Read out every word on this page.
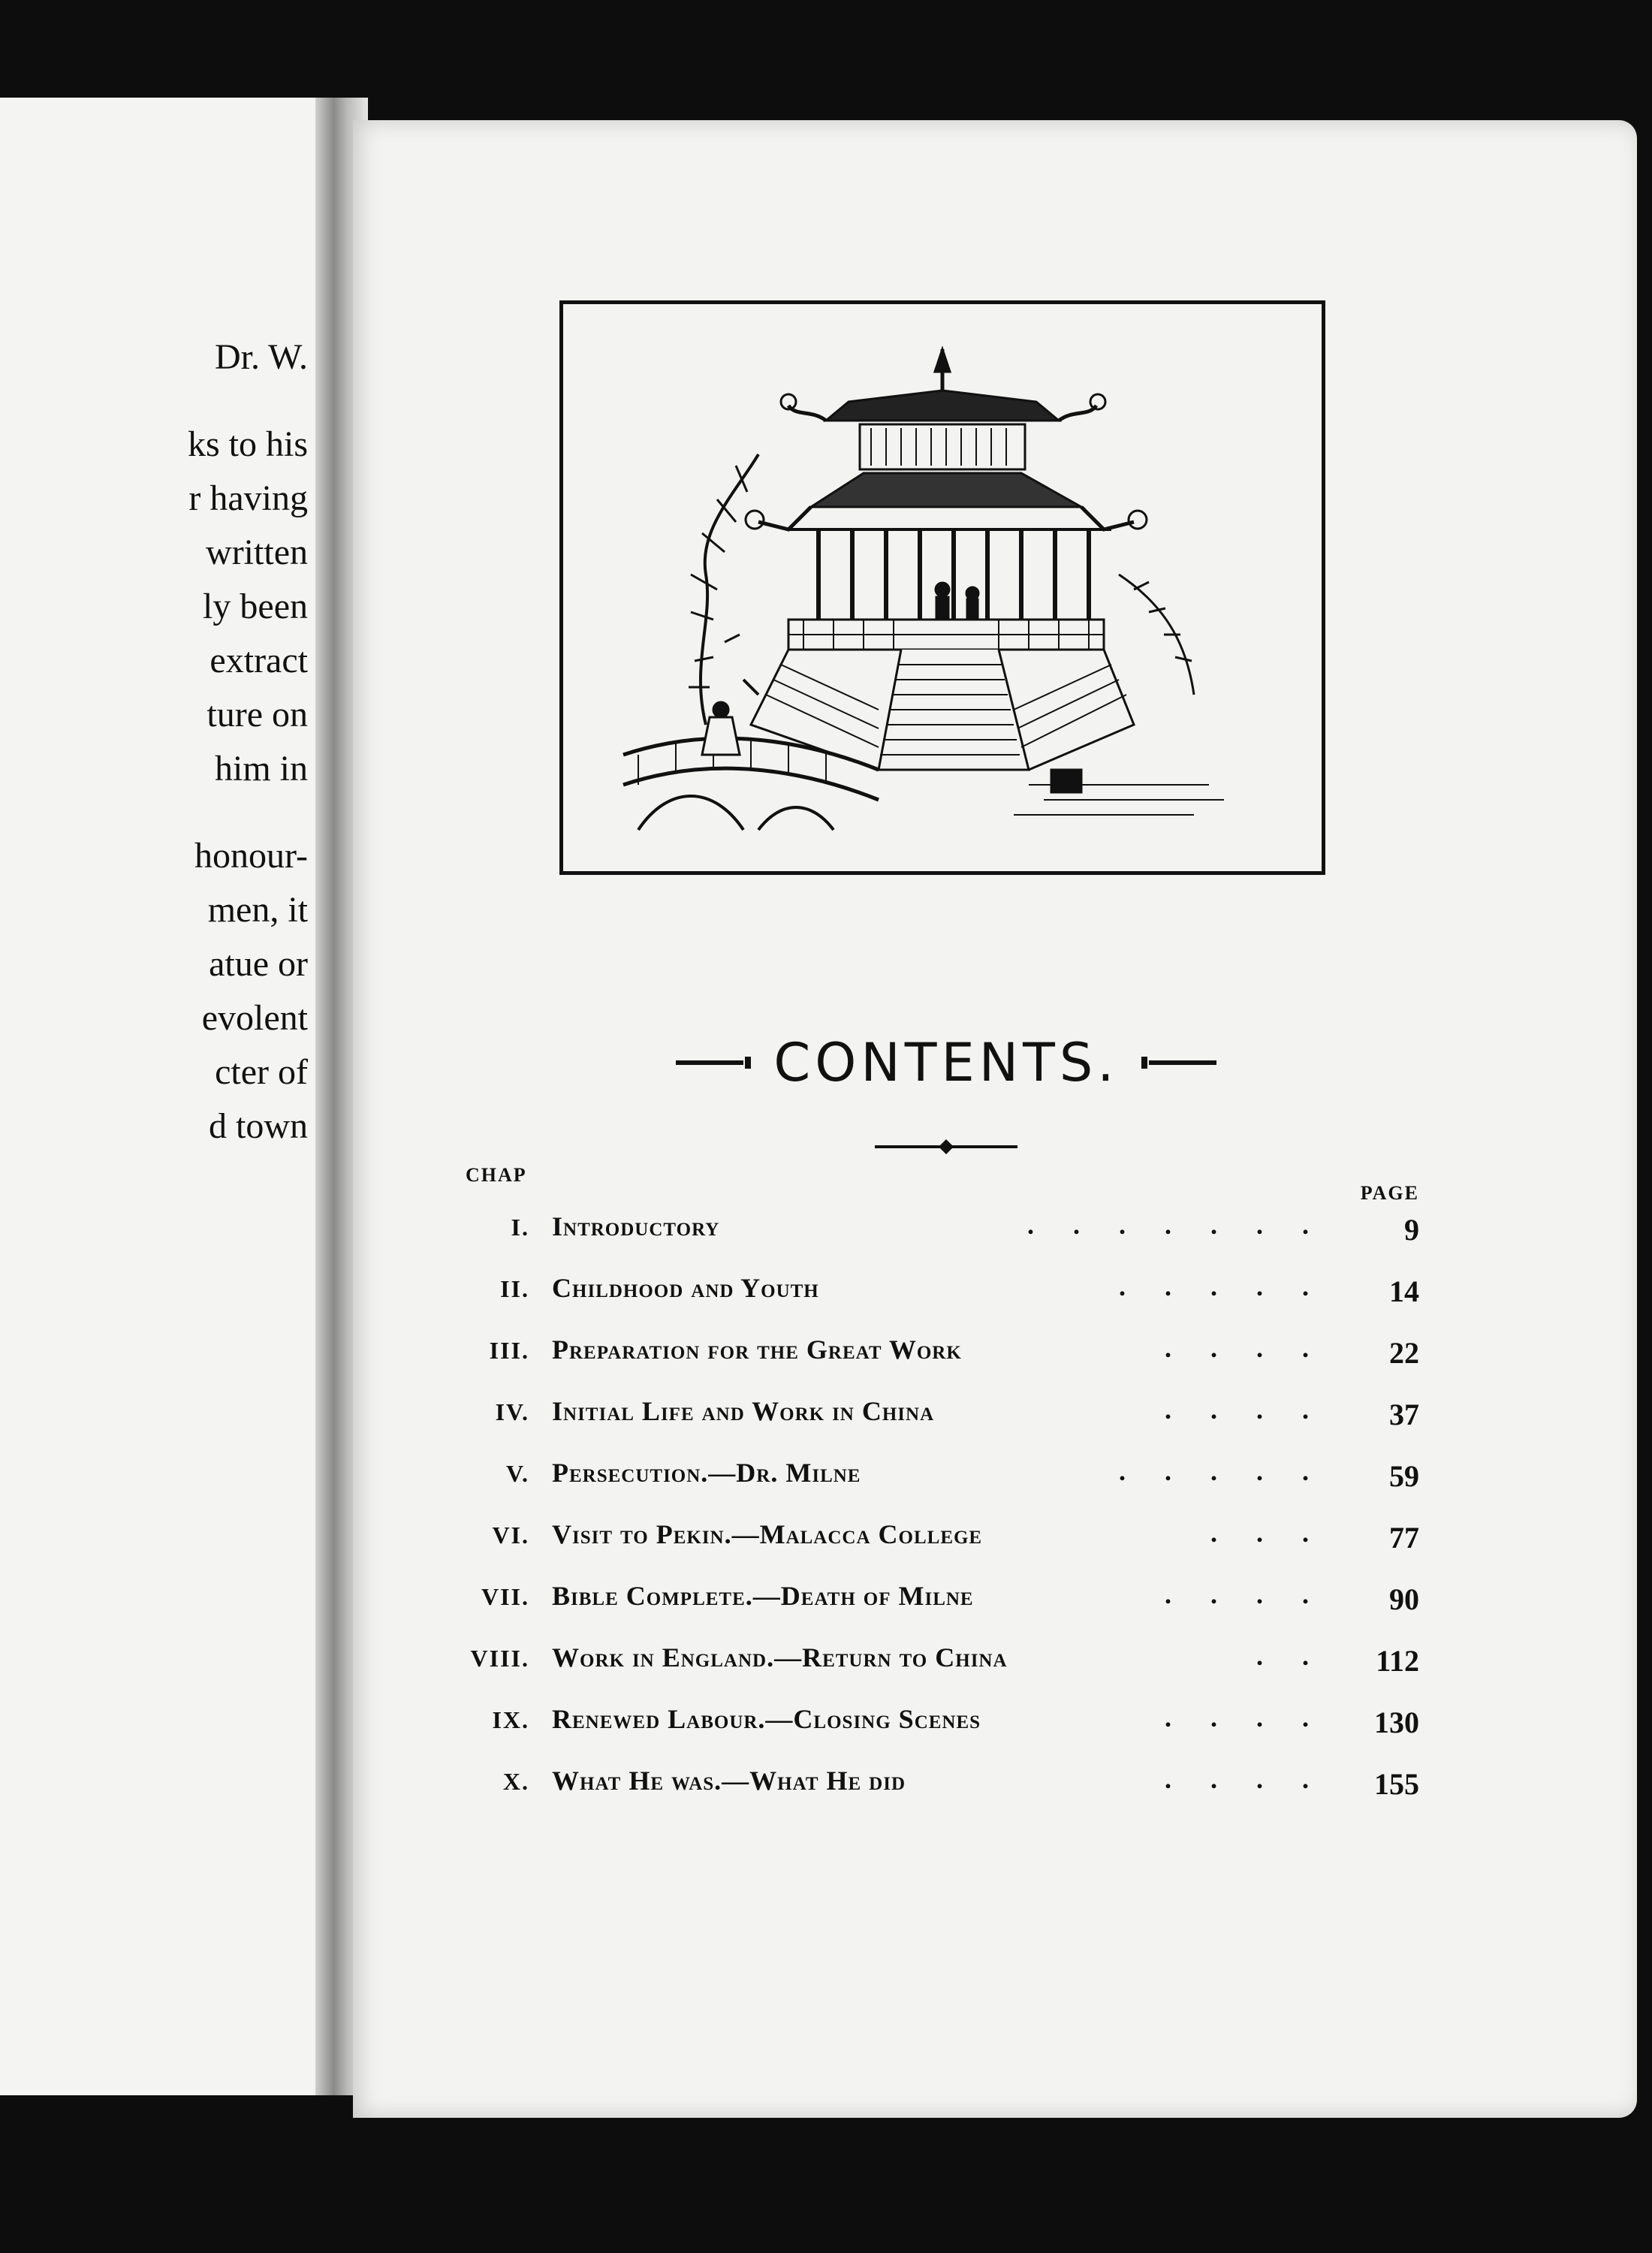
Dr. W.
ks to his
r having
written
ly been
extract
ture on
him in
honour-
men, it
atue or
evolent
cter of
d town
CONTENTS.
CHAP
PAGE
I. Introductory	....... 9
II. Childhood and Youth	..... 14
III. Preparation for the Great Work	.... 22
IV. Initial Life and Work in China	.... 37
V. Persecution.—Dr. Milne	..... 59
VI. Visit to Pekin.—Malacca College	... 77
VII. Bible Complete.—Death of Milne	.... 90
VIII. Work in England.—Return to China	.. 112
IX. Renewed Labour.—Closing Scenes	.... 130
X. What He was.—What He did	.... 155
